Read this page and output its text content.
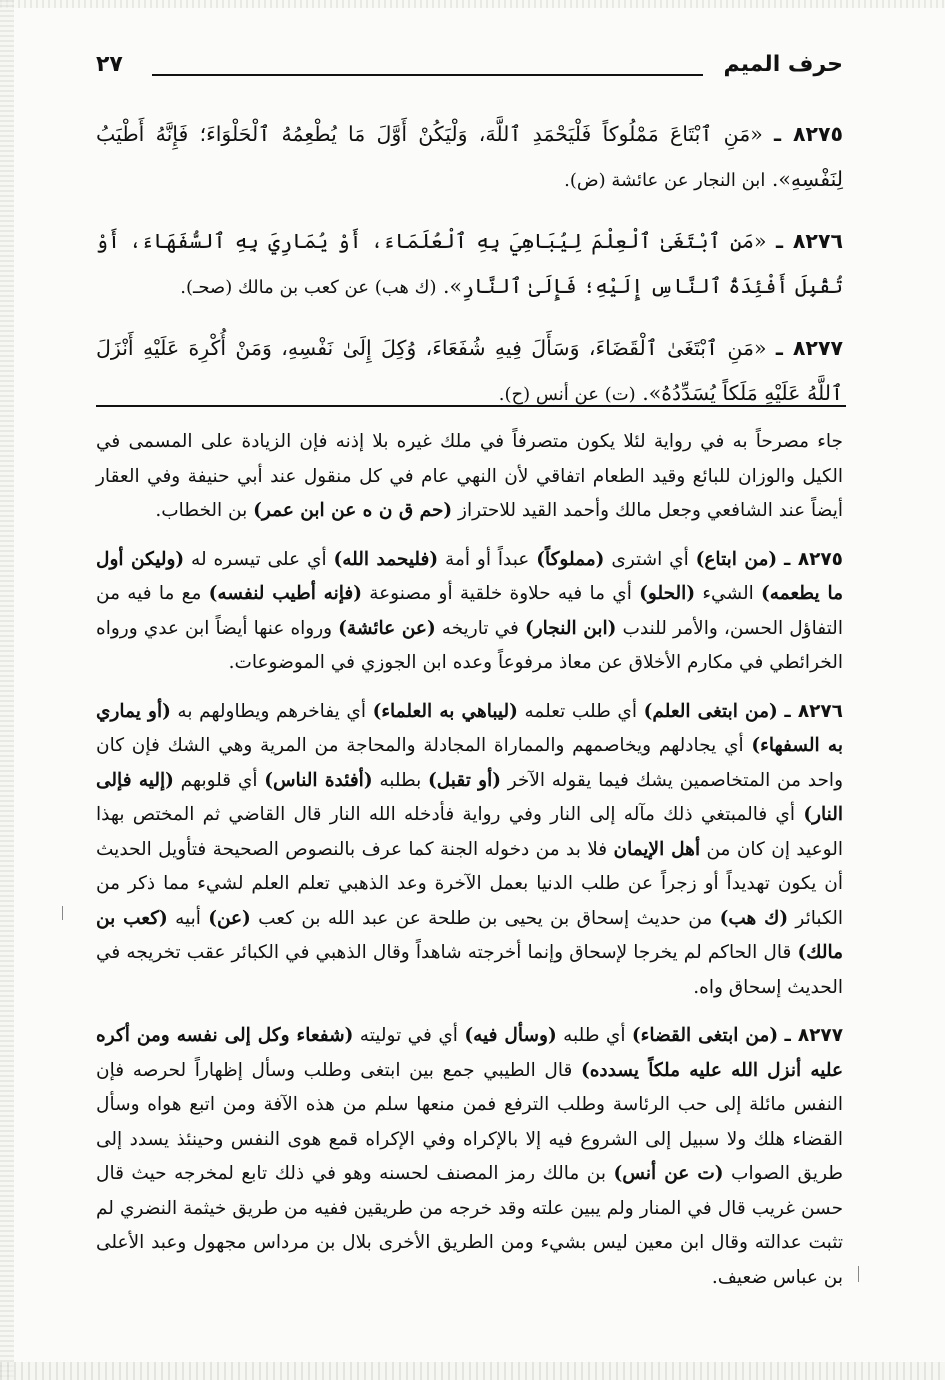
حرف الميم
٢٧

٨٢٧٥ ـ «مَنِ ٱبْتَاعَ مَمْلُوكاً فَلْيَحْمَدِ ٱللَّهَ، وَلْيَكُنْ أَوَّلَ مَا يُطْعِمُهُ ٱلْحَلْوَاءَ؛ فَإِنَّهُ أَطْيَبُ لِنَفْسِهِ». ابن النجار عن عائشة (ض).

٨٢٧٦ ـ «مَنِ ٱبْتَغَىٰ ٱلْعِلْمَ لِيُبَاهِيَ بِهِ ٱلْعُلَمَاءَ، أَوْ يُمَارِيَ بِهِ ٱلسُّفَهَاءَ، أَوْ تُقْبِلَ أَفْئِدَةُ ٱلنَّاسِ إِلَيْهِ؛ فَإِلَىٰ ٱلنَّارِ». (ك هب) عن كعب بن مالك (صحـ).

٨٢٧٧ ـ «مَنِ ٱبْتَغَىٰ ٱلْقَضَاءَ، وَسَأَلَ فِيهِ شُفَعَاءَ، وُكِلَ إِلَىٰ نَفْسِهِ، وَمَنْ أُكْرِهَ عَلَيْهِ أَنْزَلَ ٱللَّهُ عَلَيْهِ مَلَكاً يُسَدِّدُهُ». (ت) عن أنس (ح).

جاء مصرحاً به في رواية لئلا يكون متصرفاً في ملك غيره بلا إذنه فإن الزيادة على المسمى في الكيل والوزان للبائع وقيد الطعام اتفاقي لأن النهي عام في كل منقول عند أبي حنيفة وفي العقار أيضاً عند الشافعي وجعل مالك وأحمد القيد للاحتراز (حم ق ن ه عن ابن عمر) بن الخطاب.

٨٢٧٥ ـ (من ابتاع) أي اشترى (مملوكاً) عبداً أو أمة (فليحمد الله) أي على تيسره له (وليكن أول ما يطعمه) الشيء (الحلو) أي ما فيه حلاوة خلقية أو مصنوعة (فإنه أطيب لنفسه) مع ما فيه من التفاؤل الحسن، والأمر للندب (ابن النجار) في تاريخه (عن عائشة) ورواه عنها أيضاً ابن عدي ورواه الخرائطي في مكارم الأخلاق عن معاذ مرفوعاً وعده ابن الجوزي في الموضوعات.

٨٢٧٦ ـ (من ابتغى العلم) أي طلب تعلمه (ليباهي به العلماء) أي يفاخرهم ويطاولهم به (أو يماري به السفهاء) أي يجادلهم ويخاصمهم والمماراة المجادلة والمحاجة من المرية وهي الشك فإن كان واحد من المتخاصمين يشك فيما يقوله الآخر (أو تقبل) بطلبه (أفئدة الناس) أي قلوبهم (إليه فإلى النار) أي فالمبتغي ذلك مآله إلى النار وفي رواية فأدخله الله النار قال القاضي ثم المختص بهذا الوعيد إن كان من أهل الإيمان فلا بد من دخوله الجنة كما عرف بالنصوص الصحيحة فتأويل الحديث أن يكون تهديداً أو زجراً عن طلب الدنيا بعمل الآخرة وعد الذهبي تعلم العلم لشيء مما ذكر من الكبائر (ك هب) من حديث إسحاق بن يحيى بن طلحة عن عبد الله بن كعب (عن) أبيه (كعب بن مالك) قال الحاكم لم يخرجا لإسحاق وإنما أخرجته شاهداً وقال الذهبي في الكبائر عقب تخريجه في الحديث إسحاق واه.

٨٢٧٧ ـ (من ابتغى القضاء) أي طلبه (وسأل فيه) أي في توليته (شفعاء وكل إلى نفسه ومن أكره عليه أنزل الله عليه ملكاً يسدده) قال الطيبي جمع بين ابتغى وطلب وسأل إظهاراً لحرصه فإن النفس مائلة إلى حب الرئاسة وطلب الترفع فمن منعها سلم من هذه الآفة ومن اتبع هواه وسأل القضاء هلك ولا سبيل إلى الشروع فيه إلا بالإكراه وفي الإكراه قمع هوى النفس وحينئذ يسدد إلى طريق الصواب (ت عن أنس) بن مالك رمز المصنف لحسنه وهو في ذلك تابع لمخرجه حيث قال حسن غريب قال في المنار ولم يبين علته وقد خرجه من طريقين ففيه من طريق خيثمة النضري لم تثبت عدالته وقال ابن معين ليس بشيء ومن الطريق الأخرى بلال بن مرداس مجهول وعبد الأعلى بن عباس ضعيف.
